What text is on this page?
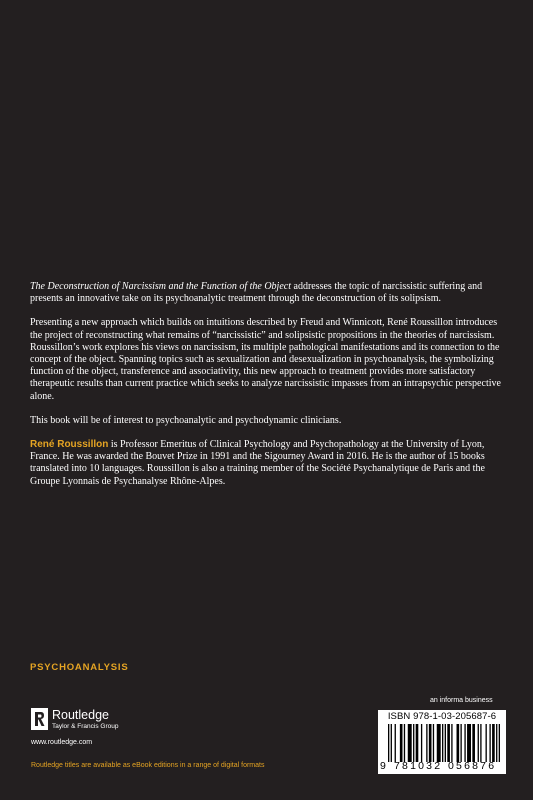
The Deconstruction of Narcissism and the Function of the Object addresses the topic of narcissistic suffering and presents an innovative take on its psychoanalytic treatment through the deconstruction of its solipsism.

Presenting a new approach which builds on intuitions described by Freud and Winnicott, René Roussillon introduces the project of reconstructing what remains of “narcissistic” and solipsistic propositions in the theories of narcissism. Roussillon’s work explores his views on narcissism, its multiple pathological manifestations and its connection to the concept of the object. Spanning topics such as sexualization and desexualization in psychoanalysis, the symbolizing function of the object, transference and associativity, this new approach to treatment provides more satisfactory therapeutic results than current practice which seeks to analyze narcissistic impasses from an intrapsychic perspective alone.

This book will be of interest to psychoanalytic and psychodynamic clinicians.

René Roussillon is Professor Emeritus of Clinical Psychology and Psychopathology at the University of Lyon, France. He was awarded the Bouvet Prize in 1991 and the Sigourney Award in 2016. He is the author of 15 books translated into 10 languages. Roussillon is also a training member of the Société Psychanalytique de Paris and the Groupe Lyonnais de Psychanalyse Rhône-Alpes.

PSYCHOANALYSIS
an informa business
ISBN 978-1-03-205687-6
9 781032 056876
Routledge
Taylor & Francis Group
www.routledge.com
Routledge titles are available as eBook editions in a range of digital formats
